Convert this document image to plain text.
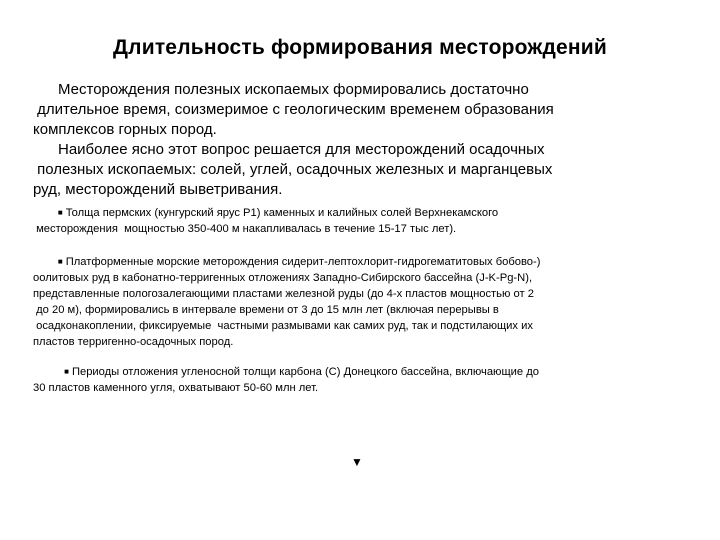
Длительность формирования месторождений
Месторождения полезных ископаемых формировались достаточно
длительное время, соизмеримое с геологическим временем образования
комплексов горных пород.
Наиболее ясно этот вопрос решается для месторождений осадочных
полезных ископаемых: солей, углей, осадочных железных и марганцевых
руд, месторождений выветривания.
■ Толща пермских (кунгурский ярус Р1) каменных и калийных солей Верхнекамского
месторождения  мощностью 350-400 м накапливалась в течение 15-17 тыс лет).
■ Платформенные морские меторождения сидерит-лептохлорит-гидрогематитовых бобово-)
оолитовых руд в кабонатно-терригенных отложениях Западно-Сибирского бассейна (J-K-Pg-N),
представленные пологозалегающими пластами железной руды (до 4-х пластов мощностью от 2
до 20 м), формировались в интервале времени от 3 до 15 млн лет (включая перерывы в
осадконакоплении, фиксируемые  частными размывами как самих руд, так и подстилающих их
пластов терригенно-осадочных пород.
■ Периоды отложения угленосной толщи карбона (С) Донецкого бассейна, включающие до
30 пластов каменного угля, охватывают 50-60 млн лет.
▼
